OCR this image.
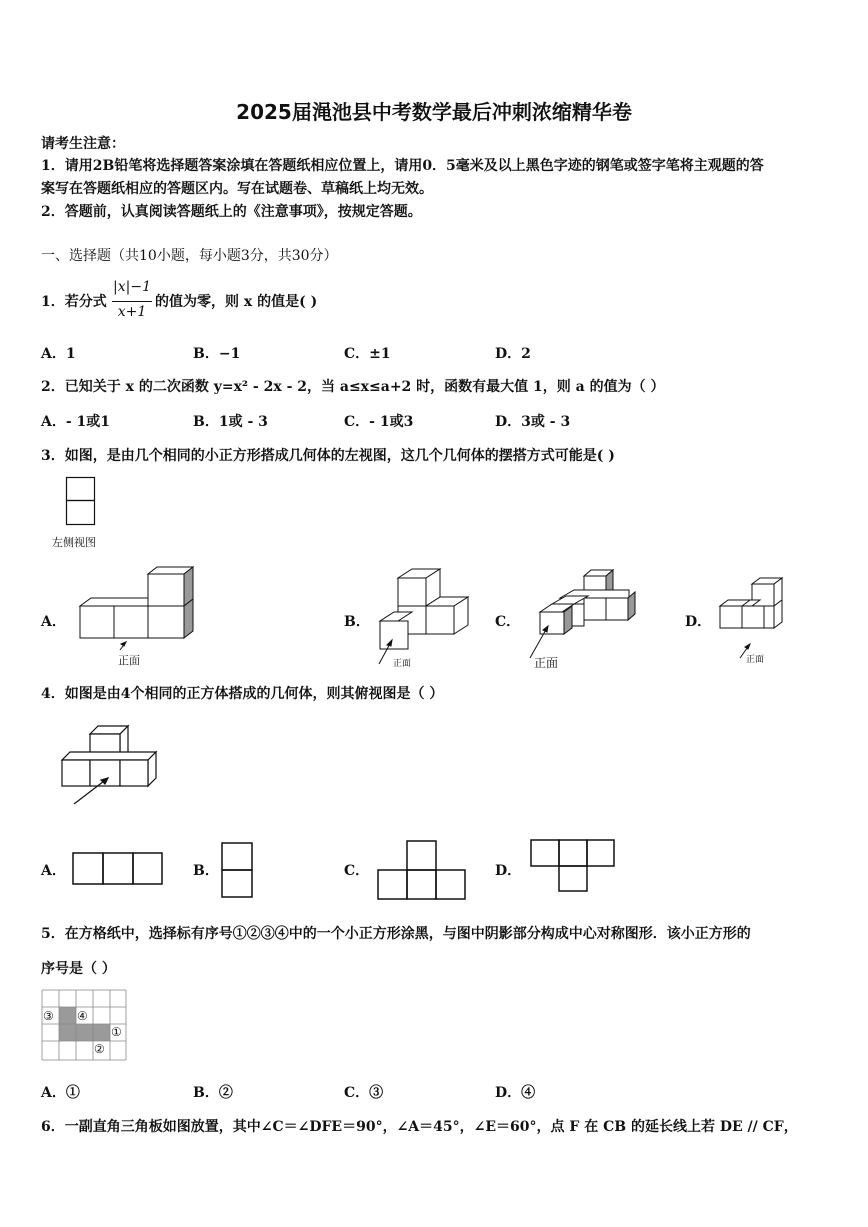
2025届渑池县中考数学最后冲刺浓缩精华卷
请考生注意：
1．请用2B铅笔将选择题答案涂填在答题纸相应位置上，请用0．5毫米及以上黑色字迹的钢笔或签字笔将主观题的答
案写在答题纸相应的答题区内。写在试题卷、草稿纸上均无效。
2．答题前，认真阅读答题纸上的《注意事项》，按规定答题。
一、选择题（共10小题，每小题3分，共30分）
1．若分式
|x|−1
x+1
的值为零，则 x 的值是( )
A．1	B．−1	C．±1	D．2
2．已知关于 x 的二次函数 y=x² - 2x - 2，当 a≤x≤a+2 时，函数有最大值 1，则 a 的值为（ ）
A．- 1或1	B．1或 - 3	C．- 1或3	D．3或 - 3
3．如图，是由几个相同的小正方形搭成几何体的左视图，这几个几何体的摆搭方式可能是( )
左侧视图
A．	B．	C．	D．
正面	正面	正面	正面
4．如图是由4个相同的正方体搭成的几何体，则其俯视图是（ ）
A．	B．	C．	D．
5．在方格纸中，选择标有序号①②③④中的一个小正方形涂黑，与图中阴影部分构成中心对称图形．该小正方形的
序号是（ ）
③ ④
①
②
A．①	B．②	C．③	D．④
6．一副直角三角板如图放置，其中∠C＝∠DFE＝90°，∠A＝45°，∠E＝60°，点 F 在 CB 的延长线上若 DE // CF，
